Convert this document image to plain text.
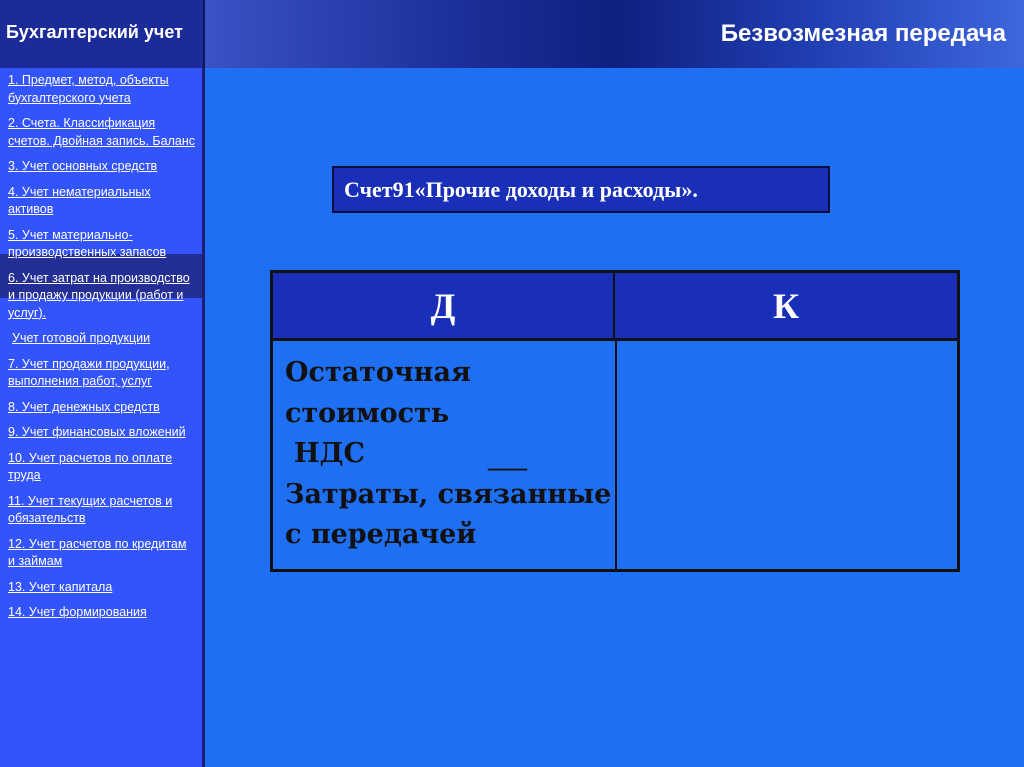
Бухгалтерский учет	Безвозмезная передача
1. Предмет, метод, объекты бухгалтерского учета
2. Счета. Классификация счетов. Двойная запись. Баланс
3. Учет основных средств
4. Учет нематериальных активов
5. Учет материально-производственных запасов
6. Учет затрат на производство и продажу продукции (работ и услуг).
Учет готовой продукции
7. Учет продажи продукции, выполнения работ, услуг
8. Учет денежных средств
9. Учет финансовых вложений
10. Учет расчетов по оплате труда
11. Учет текущих расчетов и обязательств
12. Учет расчетов по кредитам и займам
13. Учет капитала
14. Учет формирования
Счет91«Прочие доходы и расходы».
Д	К
Остаточная
стоимость
НДС
Затраты, связанные
с передачей
___
